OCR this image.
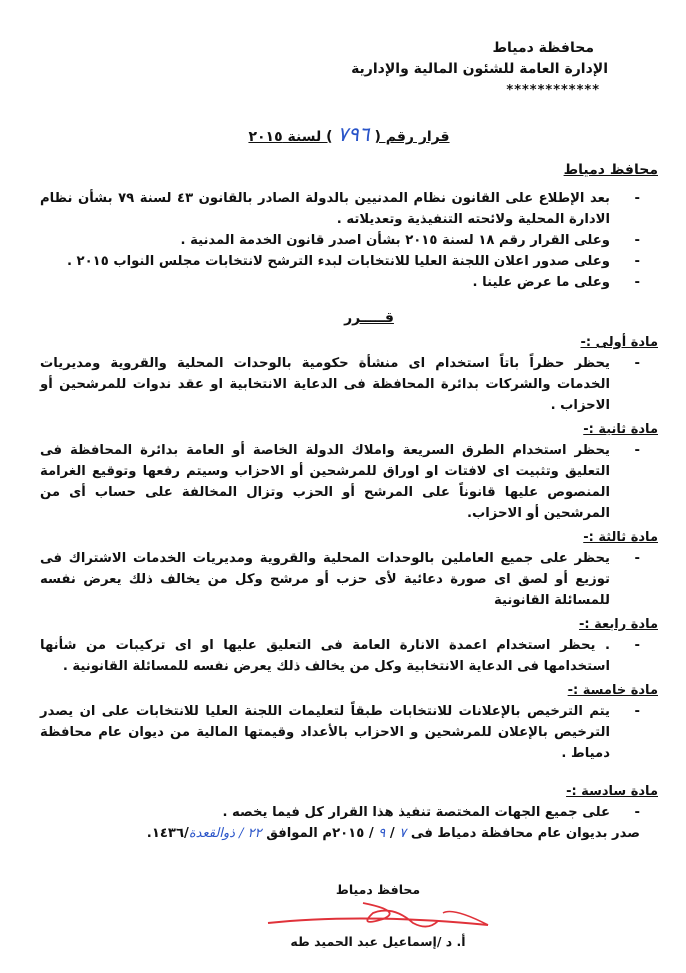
محافظة دمياط
الإدارة العامة للشئون المالية والإدارية
************
قرار رقم ( ٧٩٦ ) لسنة ٢٠١٥
محافظ دمياط
-
بعد الإطلاع على القانون نظام المدنيين بالدولة الصادر بالقانون ٤٣ لسنة ٧٩ بشأن نظام الادارة المحلية ولائحته التنفيذية وتعديلاته .
-
وعلى القرار رقم ١٨ لسنة ٢٠١٥ بشأن اصدر قانون الخدمة المدنية .
-
وعلى صدور اعلان اللجنة العليا للانتخابات لبدء الترشح لانتخابات مجلس النواب ٢٠١٥ .
-
وعلى ما عرض علينا .
قـــــرر
مادة أولى :-
-
يحظر حظراً باتاً استخدام اى منشأة حكومية بالوحدات المحلية والقروية ومديريات الخدمات والشركات بدائرة المحافظة فى الدعاية الانتخابية او عقد ندوات للمرشحين أو الاحزاب .
مادة ثانية :-
-
يحظر استخدام الطرق السريعة واملاك الدولة الخاصة أو العامة بدائرة المحافظة فى التعليق وتثبيت اى لافتات او اوراق للمرشحين أو الاحزاب وسيتم رفعها وتوقيع الغرامة المنصوص عليها قانوناً على المرشح أو الحزب وتزال المخالفة على حساب أى من المرشحين أو الاحزاب.
مادة ثالثة :-
-
يحظر على جميع العاملين بالوحدات المحلية والقروية ومديريات الخدمات الاشتراك فى توزيع أو لصق اى صورة دعائية لأى حزب أو مرشح وكل من يخالف ذلك يعرض نفسه للمسائلة القانونية
مادة رابعة :-
-
. يحظر استخدام اعمدة الانارة العامة فى التعليق عليها او اى تركيبات من شأنها استخدامها فى الدعاية الانتخابية وكل من يخالف ذلك يعرض نفسه للمسائلة القانونية .
مادة خامسة :-
-
يتم الترخيص بالإعلانات للانتخابات طبقاً لتعليمات اللجنة العليا للانتخابات على ان يصدر الترخيص بالإعلان للمرشحين و الاحزاب بالأعداد وقيمتها المالية من ديوان عام محافظة دمياط .
مادة سادسة :-
-
على جميع الجهات المختصة تنفيذ هذا القرار كل فيما يخصه .
صدر بديوان عام محافظة دمياط فى ٧ / ٩ / ٢٠١٥م الموافق ٢٢ / ذوالقعدة/١٤٣٦.
محافظ دمياط
أ. د /إسماعيل عبد الحميد طه
